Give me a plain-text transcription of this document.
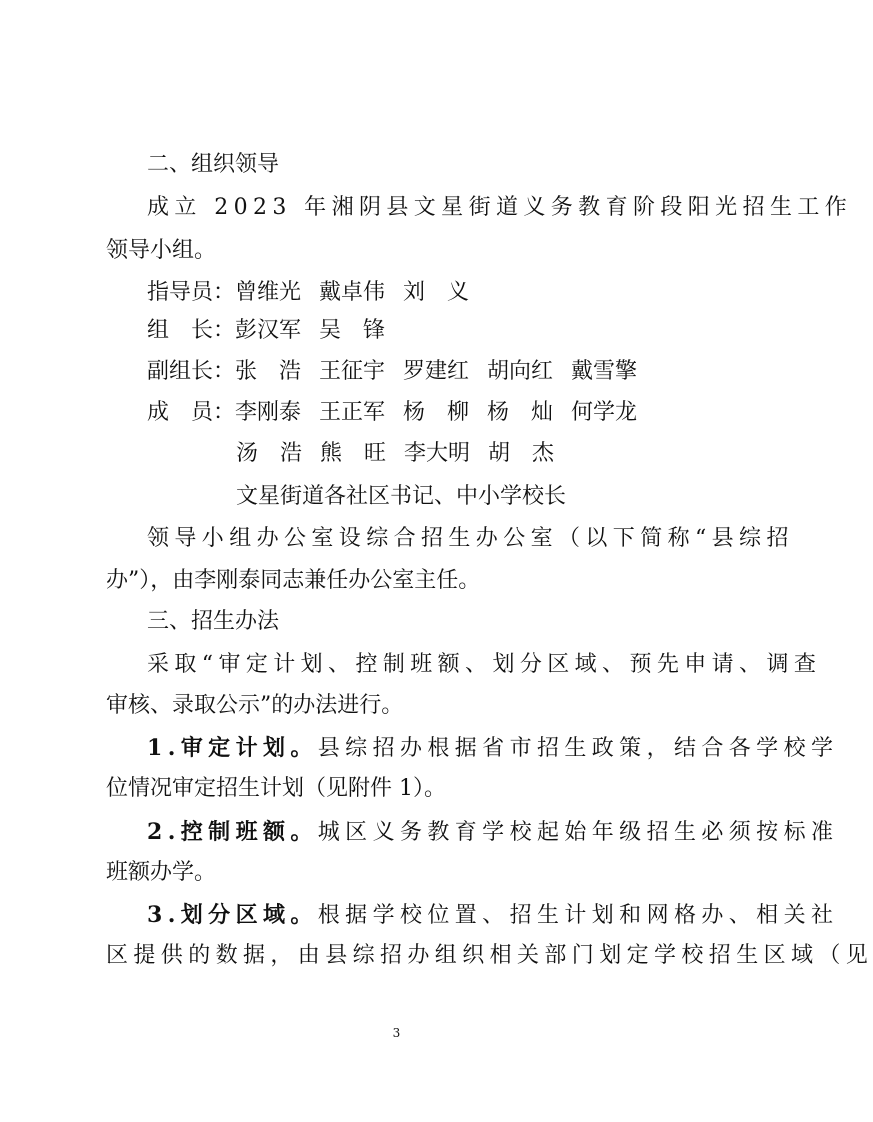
二、组织领导
成立 2023 年湘阴县文星街道义务教育阶段阳光招生工作
领导小组。
指导员：曾维光 戴卓伟 刘　义
组　长：彭汉军 吴　锋
副组长：张　浩 王征宇 罗建红 胡向红 戴雪擎
成　员：李刚泰 王正军 杨　柳 杨　灿 何学龙
汤　浩 熊　旺 李大明 胡　杰
文星街道各社区书记、中小学校长
领导小组办公室设综合招生办公室（以下简称“县综招
办”），由李刚泰同志兼任办公室主任。
三、招生办法
采取“审定计划、控制班额、划分区域、预先申请、调查
审核、录取公示”的办法进行。
1.审定计划。县综招办根据省市招生政策，结合各学校学
位情况审定招生计划（见附件 1）。
2.控制班额。城区义务教育学校起始年级招生必须按标准
班额办学。
3.划分区域。根据学校位置、招生计划和网格办、相关社
区提供的数据，由县综招办组织相关部门划定学校招生区域（见
3
